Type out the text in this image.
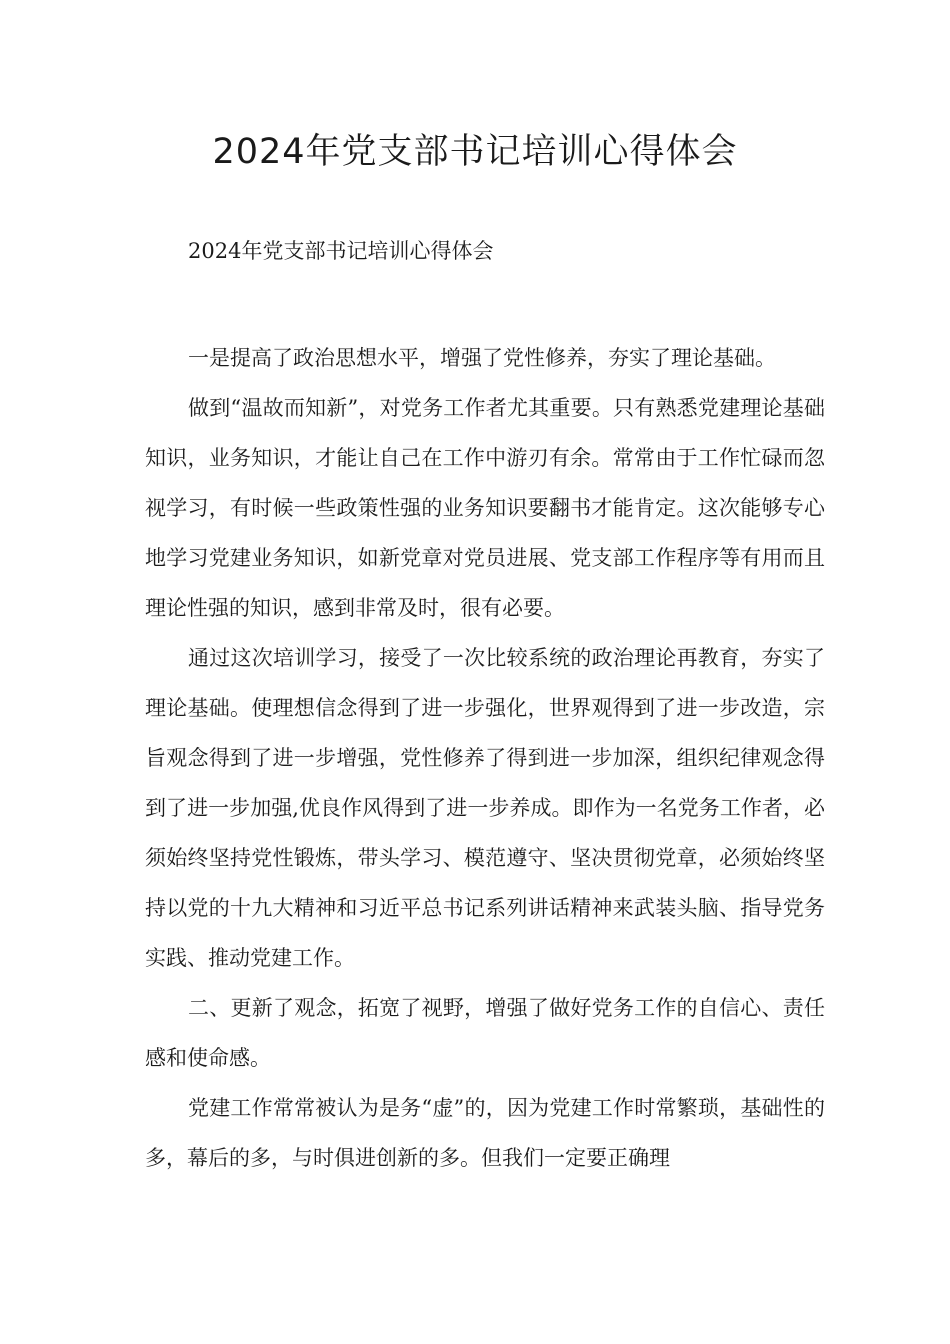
2024年党支部书记培训心得体会

2024年党支部书记培训心得体会

一是提高了政治思想水平，增强了党性修养，夯实了理论基础。

做到“温故而知新”，对党务工作者尤其重要。只有熟悉党建理论基础知识，业务知识，才能让自己在工作中游刃有余。常常由于工作忙碌而忽视学习，有时候一些政策性强的业务知识要翻书才能肯定。这次能够专心地学习党建业务知识，如新党章对党员进展、党支部工作程序等有用而且理论性强的知识，感到非常及时，很有必要。

通过这次培训学习，接受了一次比较系统的政治理论再教育，夯实了理论基础。使理想信念得到了进一步强化，世界观得到了进一步改造，宗旨观念得到了进一步增强，党性修养了得到进一步加深，组织纪律观念得到了进一步加强,优良作风得到了进一步养成。即作为一名党务工作者，必须始终坚持党性锻炼，带头学习、模范遵守、坚决贯彻党章，必须始终坚持以党的十九大精神和习近平总书记系列讲话精神来武装头脑、指导党务实践、推动党建工作。

二、更新了观念，拓宽了视野，增强了做好党务工作的自信心、责任感和使命感。

党建工作常常被认为是务“虚”的，因为党建工作时常繁琐，基础性的多，幕后的多，与时俱进创新的多。但我们一定要正确理
